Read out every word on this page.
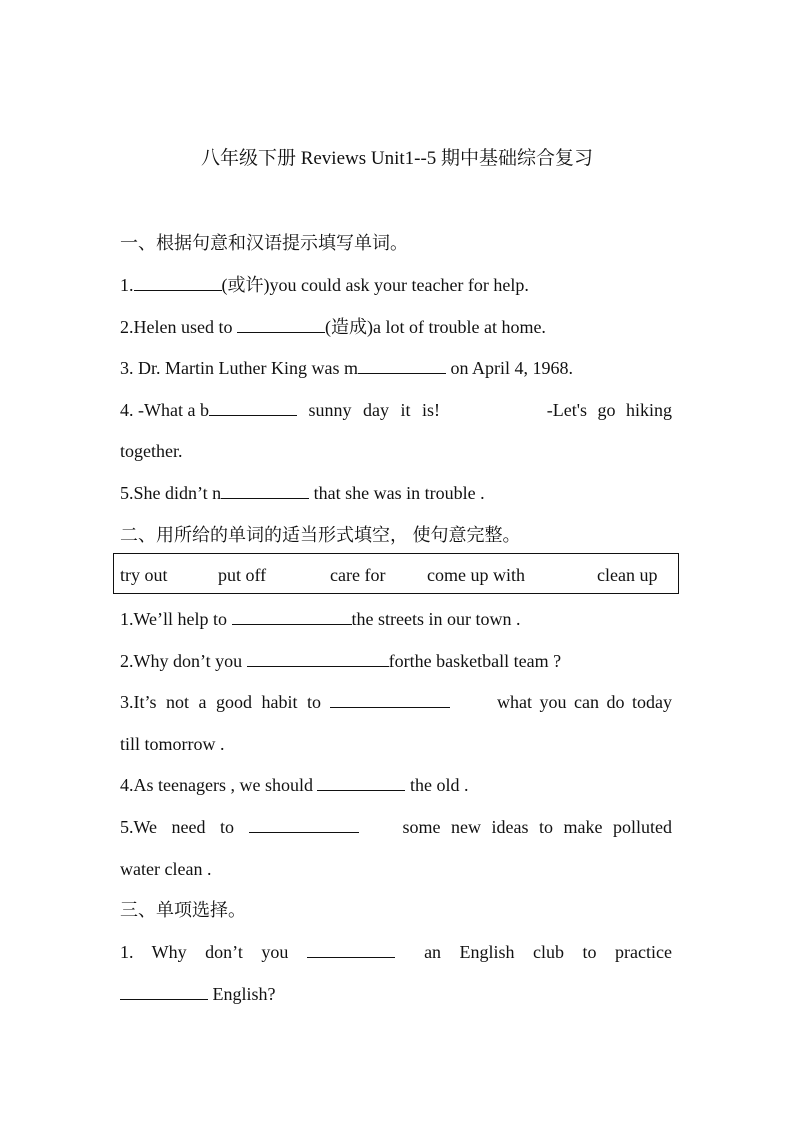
八年级下册 Reviews Unit1--5 期中基础综合复习
一、根据句意和汉语提示填写单词。
1.	(或许)you could ask your teacher for help.
2.Helen used to	(造成)a lot of trouble at home.
3. Dr. Martin Luther King was m	on April 4, 1968.
4. -What a b	sunny day it is!	-Let's go hiking
together.
5.She didn’t n	that she was in trouble .
二、用所给的单词的适当形式填空， 使句意完整。
try out	put off	care for come up with	clean up
1.We’ll help to	the streets in our town .
2.Why don’t you	forthe basketball team ?
3.It’s not a good habit to	what you can do today
till tomorrow .
4.As teenagers , we should	the old .
5.We need to	some new ideas to make polluted
water clean .
三、单项选择。
1. Why don’t you	an English club to practice
English?
